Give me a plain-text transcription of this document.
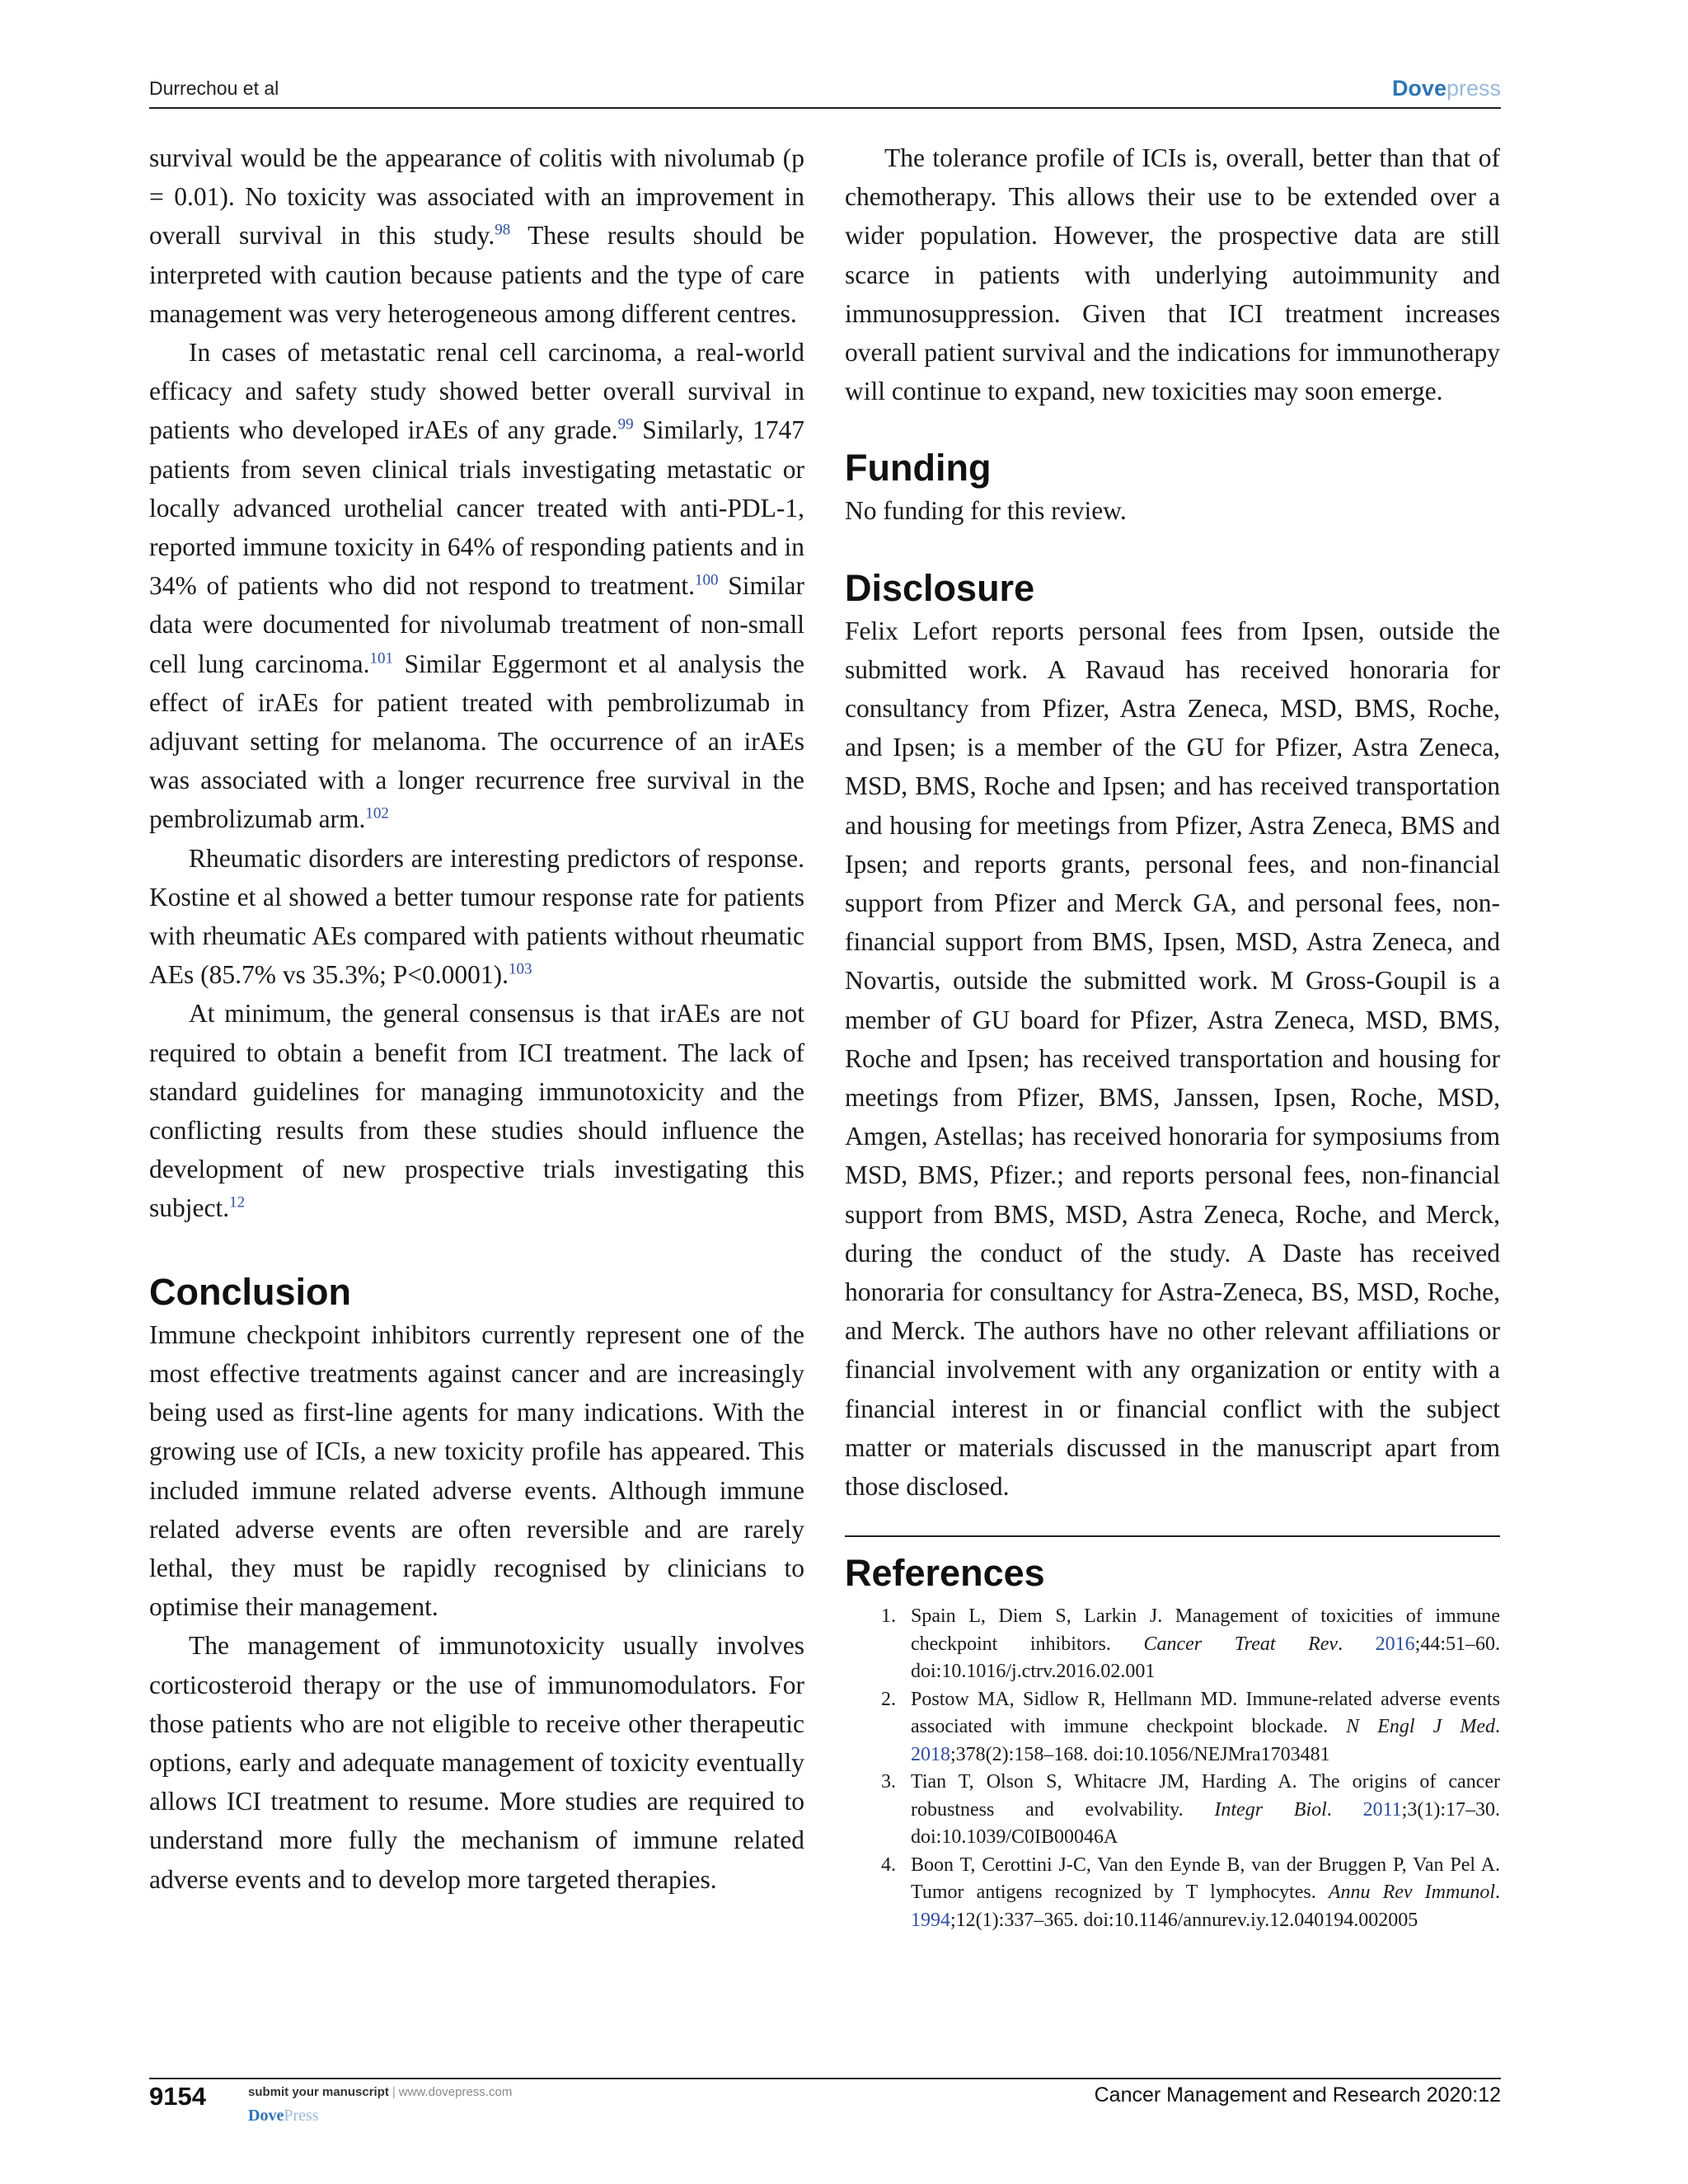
Durrechou et al	Dovepress

survival would be the appearance of colitis with nivolumab (p = 0.01). No toxicity was associated with an improvement in overall survival in this study.$^{98}$ These results should be interpreted with caution because patients and the type of care management was very heterogeneous among different centres.

In cases of metastatic renal cell carcinoma, a real-world efficacy and safety study showed better overall survival in patients who developed irAEs of any grade.$^{99}$ Similarly, 1747 patients from seven clinical trials investigating metastatic or locally advanced urothelial cancer treated with anti-PDL-1, reported immune toxicity in 64% of responding patients and in 34% of patients who did not respond to treatment.$^{100}$ Similar data were documented for nivolumab treatment of non-small cell lung carcinoma.$^{101}$ Similar Eggermont et al analysis the effect of irAEs for patient treated with pembrolizumab in adjuvant setting for melanoma. The occurrence of an irAEs was associated with a longer recurrence free survival in the pembrolizumab arm.$^{102}$

Rheumatic disorders are interesting predictors of response. Kostine et al showed a better tumour response rate for patients with rheumatic AEs compared with patients without rheumatic AEs (85.7% vs 35.3%; P<0.0001).$^{103}$

At minimum, the general consensus is that irAEs are not required to obtain a benefit from ICI treatment. The lack of standard guidelines for managing immunotoxicity and the conflicting results from these studies should influence the development of new prospective trials investigating this subject.$^{12}$

Conclusion

Immune checkpoint inhibitors currently represent one of the most effective treatments against cancer and are increasingly being used as first-line agents for many indications. With the growing use of ICIs, a new toxicity profile has appeared. This included immune related adverse events. Although immune related adverse events are often reversible and are rarely lethal, they must be rapidly recognised by clinicians to optimise their management.

The management of immunotoxicity usually involves corticosteroid therapy or the use of immunomodulators. For those patients who are not eligible to receive other therapeutic options, early and adequate management of toxicity eventually allows ICI treatment to resume. More studies are required to understand more fully the mechanism of immune related adverse events and to develop more targeted therapies.

The tolerance profile of ICIs is, overall, better than that of chemotherapy. This allows their use to be extended over a wider population. However, the prospective data are still scarce in patients with underlying autoimmunity and immunosuppression. Given that ICI treatment increases overall patient survival and the indications for immunotherapy will continue to expand, new toxicities may soon emerge.

Funding

No funding for this review.

Disclosure

Felix Lefort reports personal fees from Ipsen, outside the submitted work. A Ravaud has received honoraria for consultancy from Pfizer, Astra Zeneca, MSD, BMS, Roche, and Ipsen; is a member of the GU for Pfizer, Astra Zeneca, MSD, BMS, Roche and Ipsen; and has received transportation and housing for meetings from Pfizer, Astra Zeneca, BMS and Ipsen; and reports grants, personal fees, and non-financial support from Pfizer and Merck GA, and personal fees, non-financial support from BMS, Ipsen, MSD, Astra Zeneca, and Novartis, outside the submitted work. M Gross-Goupil is a member of GU board for Pfizer, Astra Zeneca, MSD, BMS, Roche and Ipsen; has received transportation and housing for meetings from Pfizer, BMS, Janssen, Ipsen, Roche, MSD, Amgen, Astellas; has received honoraria for symposiums from MSD, BMS, Pfizer.; and reports personal fees, non-financial support from BMS, MSD, Astra Zeneca, Roche, and Merck, during the conduct of the study. A Daste has received honoraria for consultancy for Astra-Zeneca, BS, MSD, Roche, and Merck. The authors have no other relevant affiliations or financial involvement with any organization or entity with a financial interest in or financial conflict with the subject matter or materials discussed in the manuscript apart from those disclosed.

References
1. Spain L, Diem S, Larkin J. Management of toxicities of immune checkpoint inhibitors. Cancer Treat Rev. 2016;44:51–60. doi:10.1016/j.ctrv.2016.02.001
2. Postow MA, Sidlow R, Hellmann MD. Immune-related adverse events associated with immune checkpoint blockade. N Engl J Med. 2018;378(2):158–168. doi:10.1056/NEJMra1703481
3. Tian T, Olson S, Whitacre JM, Harding A. The origins of cancer robustness and evolvability. Integr Biol. 2011;3(1):17–30. doi:10.1039/C0IB00046A
4. Boon T, Cerottini J-C, Van den Eynde B, van der Bruggen P, Van Pel A. Tumor antigens recognized by T lymphocytes. Annu Rev Immunol. 1994;12(1):337–365. doi:10.1146/annurev.iy.12.040194.002005
9154	submit your manuscript | www.dovepress.com
DovePress
Cancer Management and Research 2020:12
